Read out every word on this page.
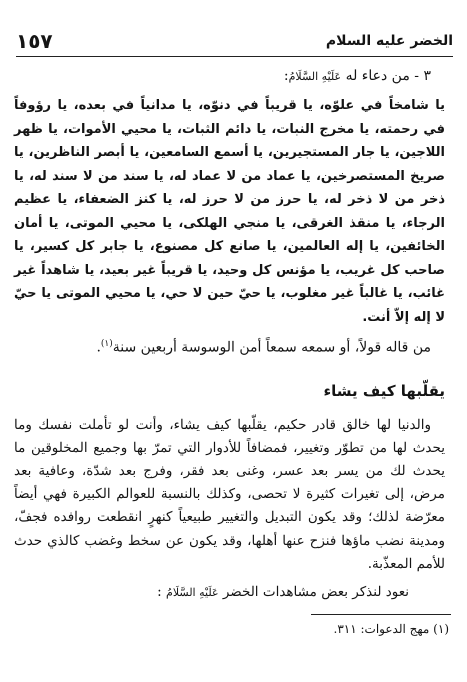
١٥٧	الخضر عليه السلام

٣ - من دعاء له عَلَيْهِ السَّلَامُ:

يا شامخاً في علوّه، يا قريباً في دنوّه، يا مدانياً في بعده، يا رؤوفاً في رحمته، يا مخرج النبات، يا دائم الثبات، يا محيي الأموات، يا ظهر اللاجين، يا جار المستجيرين، يا أسمع السامعين، يا أبصر الناظرين، يا صريخ المستصرخين، يا عماد من لا عماد له، يا سند من لا سند له، يا ذخر من لا ذخر له، يا حرز من لا حرز له، يا كنز الضعفاء، يا عظيم الرجاء، يا منقذ الغرقى، يا منجي الهلكى، يا محيي الموتى، يا أمان الخائفين، يا إله العالمين، يا صانع كل مصنوع، يا جابر كل كسير، يا صاحب كل غريب، يا مؤنس كل وحيد، يا قريباً غير بعيد، يا شاهداً غير غائب، يا غالباً غير مغلوب، يا حيّ حين لا حي، يا محيي الموتى يا حيّ لا إله إلاّ أنت.

من قاله قولاً، أو سمعه سمعاً أمن الوسوسة أربعين سنة$^{(١)}$.

يقلّبها كيف يشاء

والدنيا لها خالق قادر حكيم، يقلّبها كيف يشاء، وأنت لو تأملت نفسك وما يحدث لها من تطوّر وتغيير، فمضافاً للأدوار التي تمرّ بها وجميع المخلوقين ما يحدث لك من يسر بعد عسر، وغنى بعد فقر، وفرج بعد شدّة، وعافية بعد مرض، إلى تغيرات كثيرة لا تحصى، وكذلك بالنسبة للعوالم الكبيرة فهي أيضاً معرّضة لذلك؛ وقد يكون التبديل والتغيير طبيعياً كنهرٍ انقطعت روافده فجفّ، ومدينة نضب ماؤها فنزح عنها أهلها، وقد يكون عن سخط وغضب كالذي حدث للأمم المعذّبة.

نعود لنذكر بعض مشاهدات الخضر عَلَيْهِ السَّلَامُ :

(١) مهج الدعوات: ٣١١.
